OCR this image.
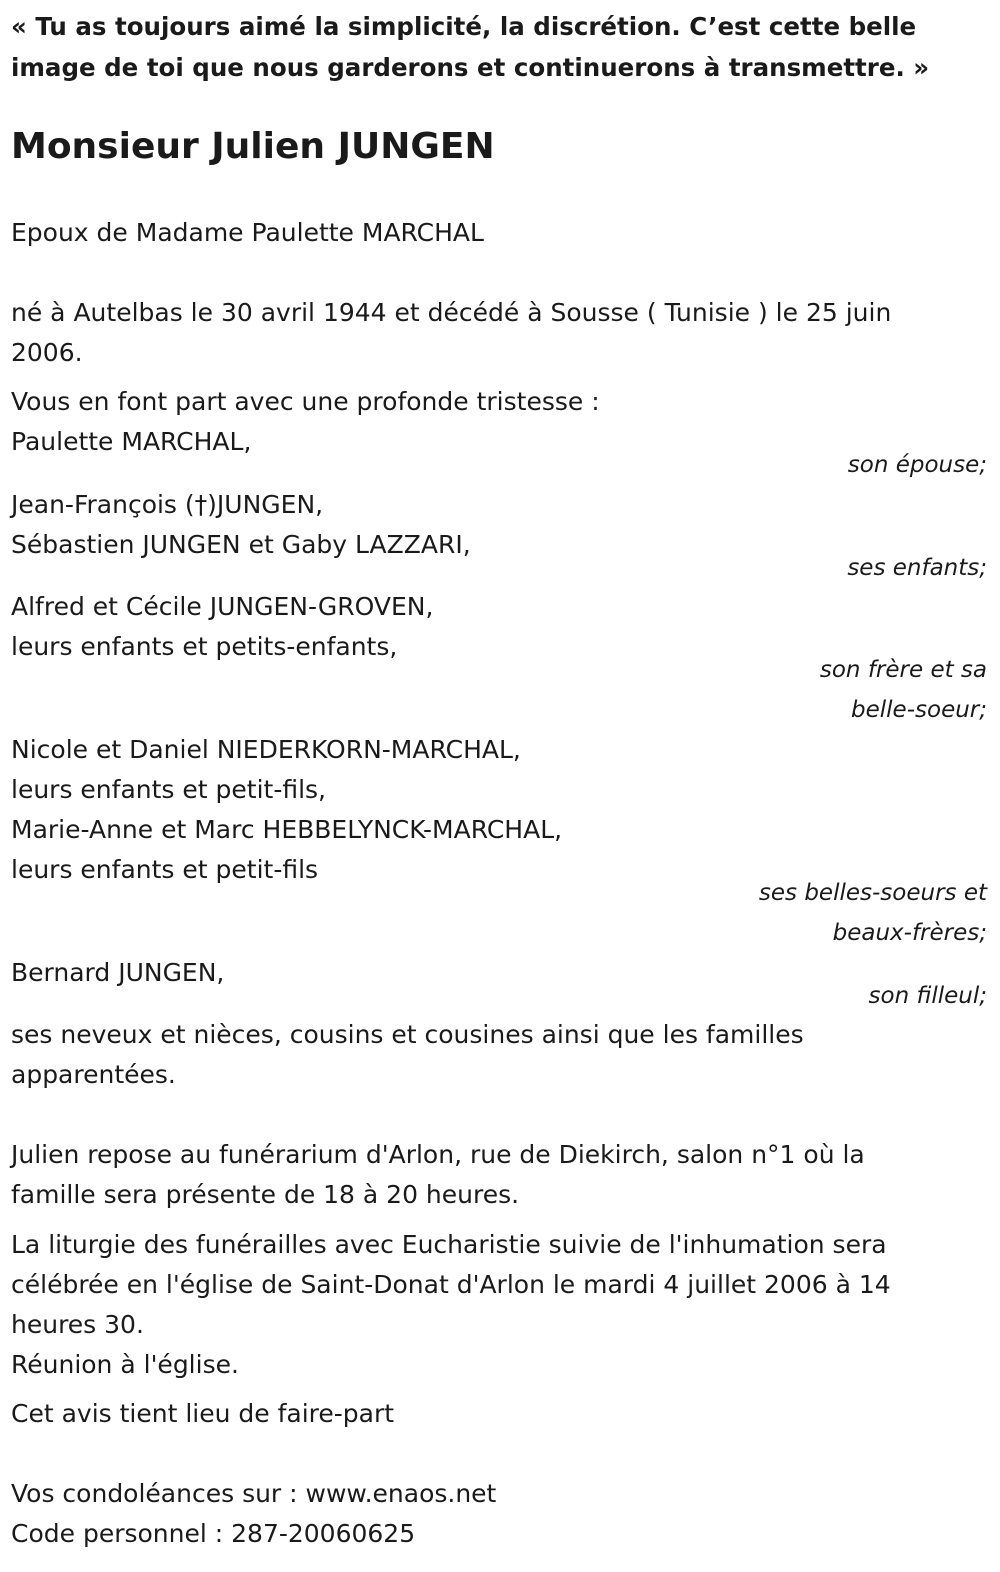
« Tu as toujours aimé la simplicité, la discrétion. C’est cette belle
image de toi que nous garderons et continuerons à transmettre. »

Monsieur Julien JUNGEN

Epoux de Madame Paulette MARCHAL

né à Autelbas le 30 avril 1944 et décédé à Sousse ( Tunisie ) le 25 juin

2006.

Vous en font part avec une profonde tristesse :

Paulette MARCHAL,

son épouse;

Jean-François (†)JUNGEN,

Sébastien JUNGEN et Gaby LAZZARI,

ses enfants;

Alfred et Cécile JUNGEN-GROVEN,

leurs enfants et petits-enfants,

son frère et sa

belle-soeur;

Nicole et Daniel NIEDERKORN-MARCHAL,

leurs enfants et petit-fils,

Marie-Anne et Marc HEBBELYNCK-MARCHAL,

leurs enfants et petit-fils

ses belles-soeurs et

beaux-frères;

Bernard JUNGEN,

son filleul;

ses neveux et nièces, cousins et cousines ainsi que les familles

apparentées.

Julien repose au funérarium d'Arlon, rue de Diekirch, salon n°1 où la

famille sera présente de 18 à 20 heures.

La liturgie des funérailles avec Eucharistie suivie de l'inhumation sera

célébrée en l'église de Saint-Donat d'Arlon le mardi 4 juillet 2006 à 14

heures 30.

Réunion à l'église.

Cet avis tient lieu de faire-part

Vos condoléances sur : www.enaos.net

Code personnel : 287-20060625
